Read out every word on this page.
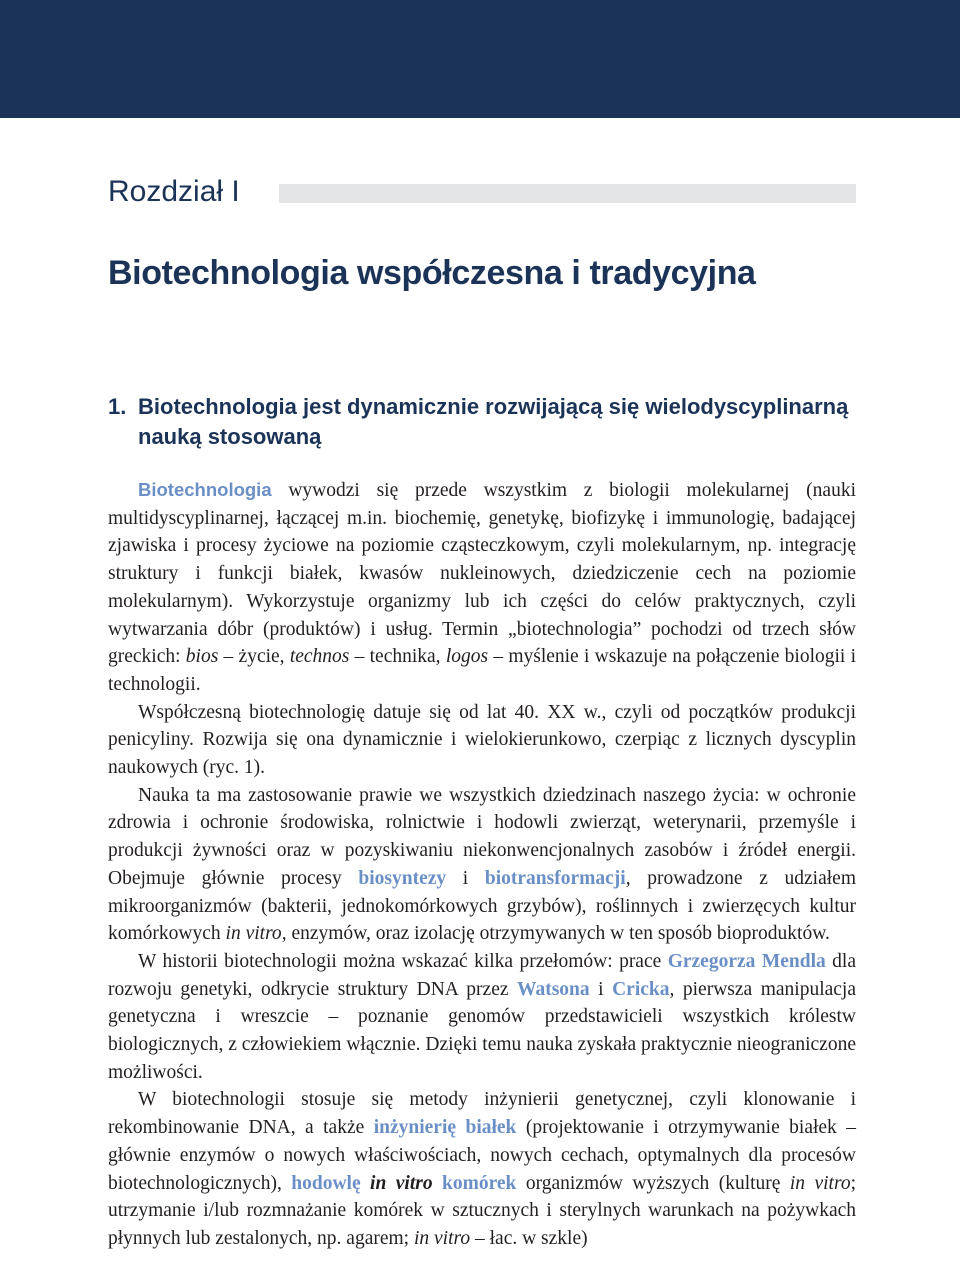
Rozdział I
Biotechnologia współczesna i tradycyjna
1. Biotechnologia jest dynamicznie rozwijającą się wielodyscyplinarną nauką stosowaną

Biotechnologia wywodzi się przede wszystkim z biologii molekularnej (nauki multidyscyplinarnej, łączącej m.in. biochemię, genetykę, biofizykę i immunologię, badającej zjawiska i procesy życiowe na poziomie cząsteczkowym, czyli molekularnym, np. integrację struktury i funkcji białek, kwasów nukleinowych, dziedziczenie cech na poziomie molekularnym). Wykorzystuje organizmy lub ich części do celów praktycznych, czyli wytwarzania dóbr (produktów) i usług. Termin „biotechnologia” pochodzi od trzech słów greckich: bios – życie, technos – technika, logos – myślenie i wskazuje na połączenie biologii i technologii.

Współczesną biotechnologię datuje się od lat 40. XX w., czyli od początków produkcji penicyliny. Rozwija się ona dynamicznie i wielokierunkowo, czerpiąc z licznych dyscyplin naukowych (ryc. 1).

Nauka ta ma zastosowanie prawie we wszystkich dziedzinach naszego życia: w ochronie zdrowia i ochronie środowiska, rolnictwie i hodowli zwierząt, weterynarii, przemyśle i produkcji żywności oraz w pozyskiwaniu niekonwencjonalnych zasobów i źródeł energii. Obejmuje głównie procesy biosyntezy i biotransformacji, prowadzone z udziałem mikroorganizmów (bakterii, jednokomórkowych grzybów), roślinnych i zwierzęcych kultur komórkowych in vitro, enzymów, oraz izolację otrzymywanych w ten sposób bioproduktów.

W historii biotechnologii można wskazać kilka przełomów: prace Grzegorza Mendla dla rozwoju genetyki, odkrycie struktury DNA przez Watsona i Cricka, pierwsza manipulacja genetyczna i wreszcie – poznanie genomów przedstawicieli wszystkich królestw biologicznych, z człowiekiem włącznie. Dzięki temu nauka zyskała praktycznie nieograniczone możliwości.

W biotechnologii stosuje się metody inżynierii genetycznej, czyli klonowanie i rekombinowanie DNA, a także inżynierię białek (projektowanie i otrzymywanie białek – głównie enzymów o nowych właściwościach, nowych cechach, optymalnych dla procesów biotechnologicznych), hodowlę in vitro komórek organizmów wyższych (kulturę in vitro; utrzymanie i/lub rozmnażanie komórek w sztucznych i sterylnych warunkach na pożywkach płynnych lub zestalonych, np. agarem; in vitro – łac. w szkle)
